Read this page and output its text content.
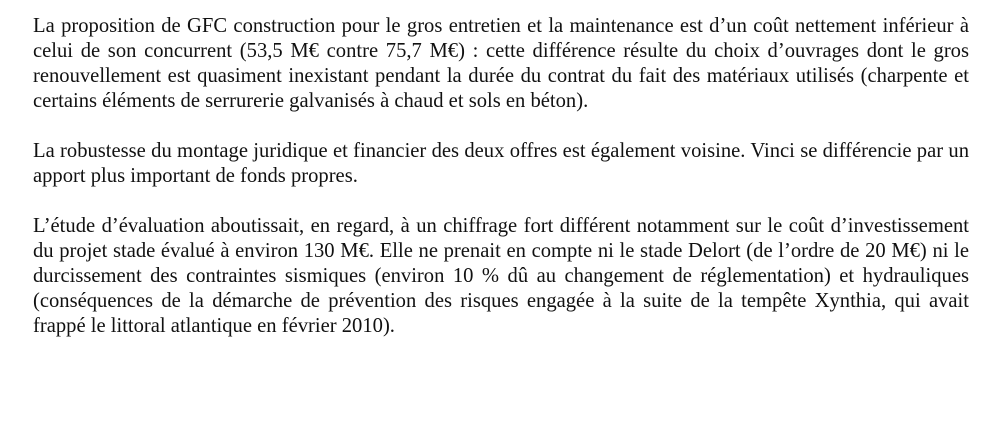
La proposition de GFC construction pour le gros entretien et la maintenance est d’un coût nettement inférieur à celui de son concurrent (53,5 M€ contre 75,7 M€) : cette différence résulte du choix d’ouvrages dont le gros renouvellement est quasiment inexistant pendant la durée du contrat du fait des matériaux utilisés (charpente et certains éléments de serrurerie galvanisés à chaud et sols en béton).

La robustesse du montage juridique et financier des deux offres est également voisine. Vinci se différencie par un apport plus important de fonds propres.

L’étude d’évaluation aboutissait, en regard, à un chiffrage fort différent notamment sur le coût d’investissement du projet stade évalué à environ 130 M€. Elle ne prenait en compte ni le stade Delort (de l’ordre de 20 M€) ni le durcissement des contraintes sismiques (environ 10 % dû au changement de réglementation) et hydrauliques (conséquences de la démarche de prévention des risques engagée à la suite de la tempête Xynthia, qui avait frappé le littoral atlantique en février 2010).
